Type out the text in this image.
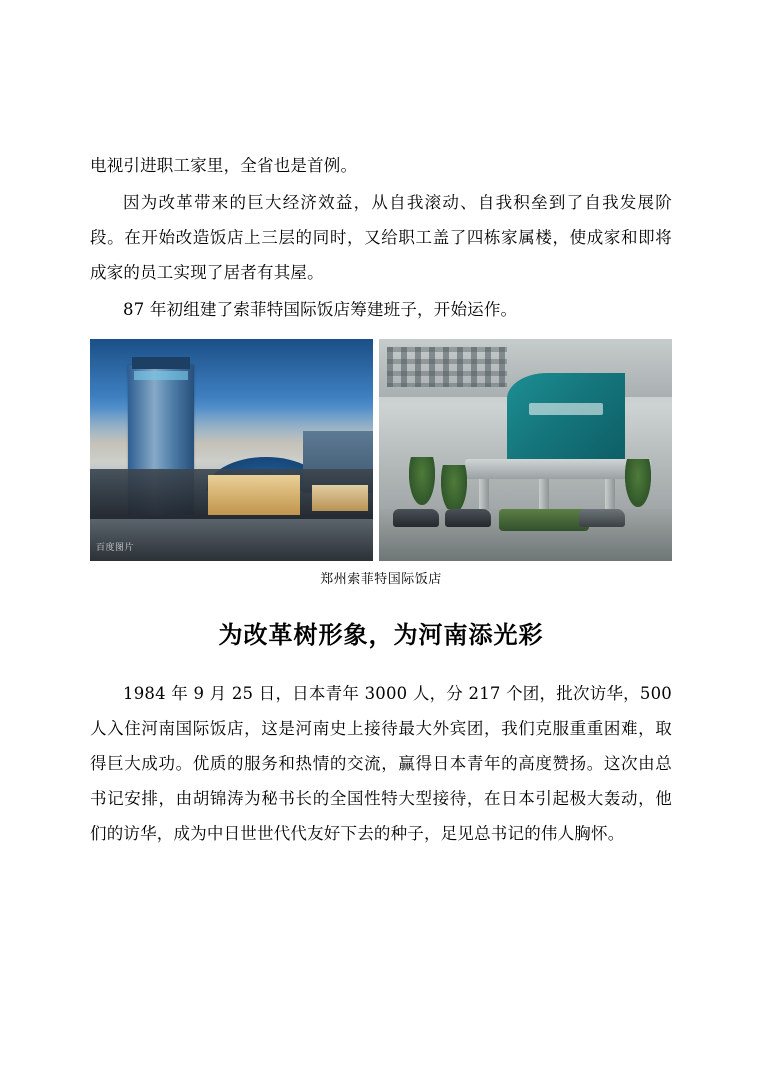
电视引进职工家里，全省也是首例。

因为改革带来的巨大经济效益，从自我滚动、自我积垒到了自我发展阶段。在开始改造饭店上三层的同时，又给职工盖了四栋家属楼，使成家和即将成家的员工实现了居者有其屋。

87 年初组建了索菲特国际饭店筹建班子，开始运作。

百度图片
郑州索菲特国际饭店
为改革树形象，为河南添光彩

1984 年 9 月 25 日，日本青年 3000 人，分 217 个团，批次访华，500 人入住河南国际饭店，这是河南史上接待最大外宾团，我们克服重重困难，取得巨大成功。优质的服务和热情的交流，赢得日本青年的高度赞扬。这次由总书记安排，由胡锦涛为秘书长的全国性特大型接待，在日本引起极大轰动，他们的访华，成为中日世世代代友好下去的种子，足见总书记的伟人胸怀。
